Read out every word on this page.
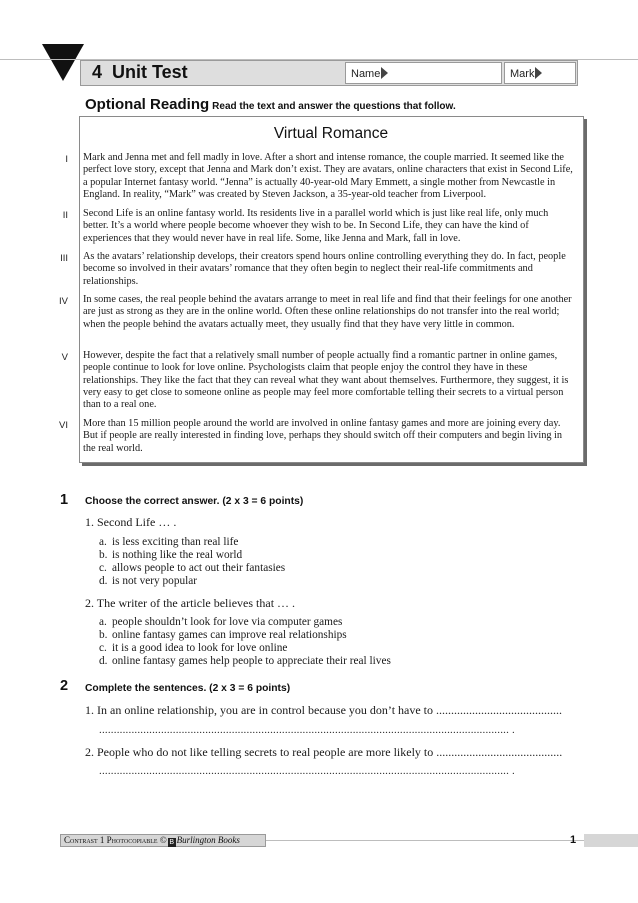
4  Unit Test	Name	Mark
Optional Reading Read the text and answer the questions that follow.
Virtual Romance
I Mark and Jenna met and fell madly in love. After a short and intense romance, the couple married. It seemed like the perfect love story, except that Jenna and Mark don’t exist. They are avatars, online characters that exist in Second Life, a popular Internet fantasy world. “Jenna” is actually 40-year-old Mary Emmett, a single mother from Newcastle in England. In reality, “Mark” was created by Steven Jackson, a 35-year-old teacher from Liverpool.
II Second Life is an online fantasy world. Its residents live in a parallel world which is just like real life, only much better. It’s a world where people become whoever they wish to be. In Second Life, they can have the kind of experiences that they would never have in real life. Some, like Jenna and Mark, fall in love.
III As the avatars’ relationship develops, their creators spend hours online controlling everything they do. In fact, people become so involved in their avatars’ romance that they often begin to neglect their real-life commitments and relationships.
IV In some cases, the real people behind the avatars arrange to meet in real life and find that their feelings for one another are just as strong as they are in the online world. Often these online relationships do not transfer into the real world; when the people behind the avatars actually meet, they usually find that they have very little in common.
V However, despite the fact that a relatively small number of people actually find a romantic partner in online games, people continue to look for love online. Psychologists claim that people enjoy the control they have in these relationships. They like the fact that they can reveal what they want about themselves. Furthermore, they suggest, it is very easy to get close to someone online as people may feel more comfortable telling their secrets to a virtual person than to a real one.
VI More than 15 million people around the world are involved in online fantasy games and more are joining every day. But if people are really interested in finding love, perhaps they should switch off their computers and begin living in the real world.
1 Choose the correct answer. (2 x 3 = 6 points)
1. Second Life … .
a. is less exciting than real life
b. is nothing like the real world
c. allows people to act out their fantasies
d. is not very popular
2. The writer of the article believes that … .
a. people shouldn’t look for love via computer games
b. online fantasy games can improve real relationships
c. it is a good idea to look for love online
d. online fantasy games help people to appreciate their real lives
2 Complete the sentences. (2 x 3 = 6 points)
1. In an online relationship, you are in control because you don’t have to ..........................................
........................................................................................................................................... .
2. People who do not like telling secrets to real people are more likely to ..........................................
........................................................................................................................................... .
Contrast 1 Photocopiable © B Burlington Books	1
